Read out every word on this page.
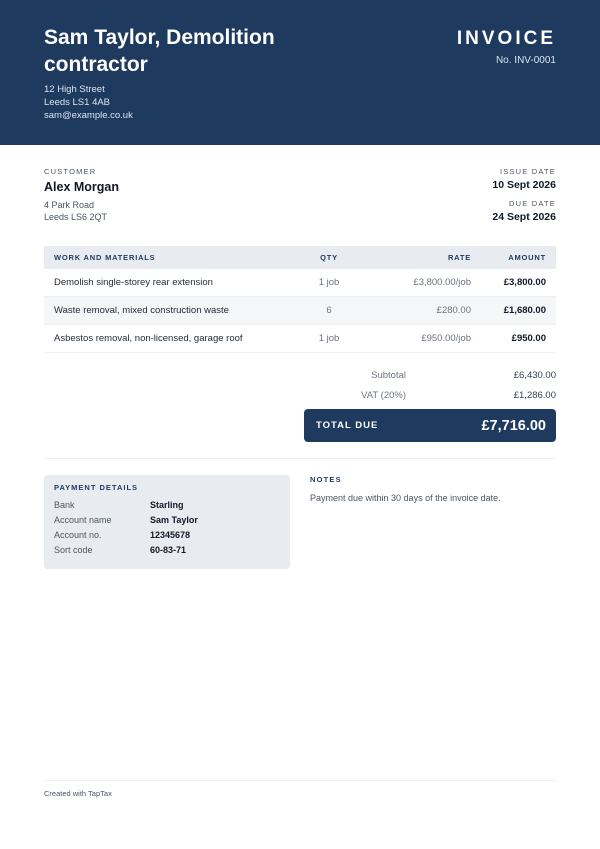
Sam Taylor, Demolition contractor
12 High Street
Leeds LS1 4AB
sam@example.co.uk
INVOICE
No. INV-0001
CUSTOMER
Alex Morgan
4 Park Road
Leeds LS6 2QT
ISSUE DATE
10 Sept 2026
DUE DATE
24 Sept 2026
WORK AND MATERIALS	QTY	RATE	AMOUNT
Demolish single-storey rear extension	1 job	£3,800.00/job	£3,800.00
Waste removal, mixed construction waste	6	£280.00	£1,680.00
Asbestos removal, non-licensed, garage roof	1 job	£950.00/job	£950.00
Subtotal	£6,430.00
VAT (20%)	£1,286.00
TOTAL DUE	£7,716.00
PAYMENT DETAILS
Bank	Starling
Account name	Sam Taylor
Account no.	12345678
Sort code	60-83-71
NOTES
Payment due within 30 days of the invoice date.
Created with TapTax
